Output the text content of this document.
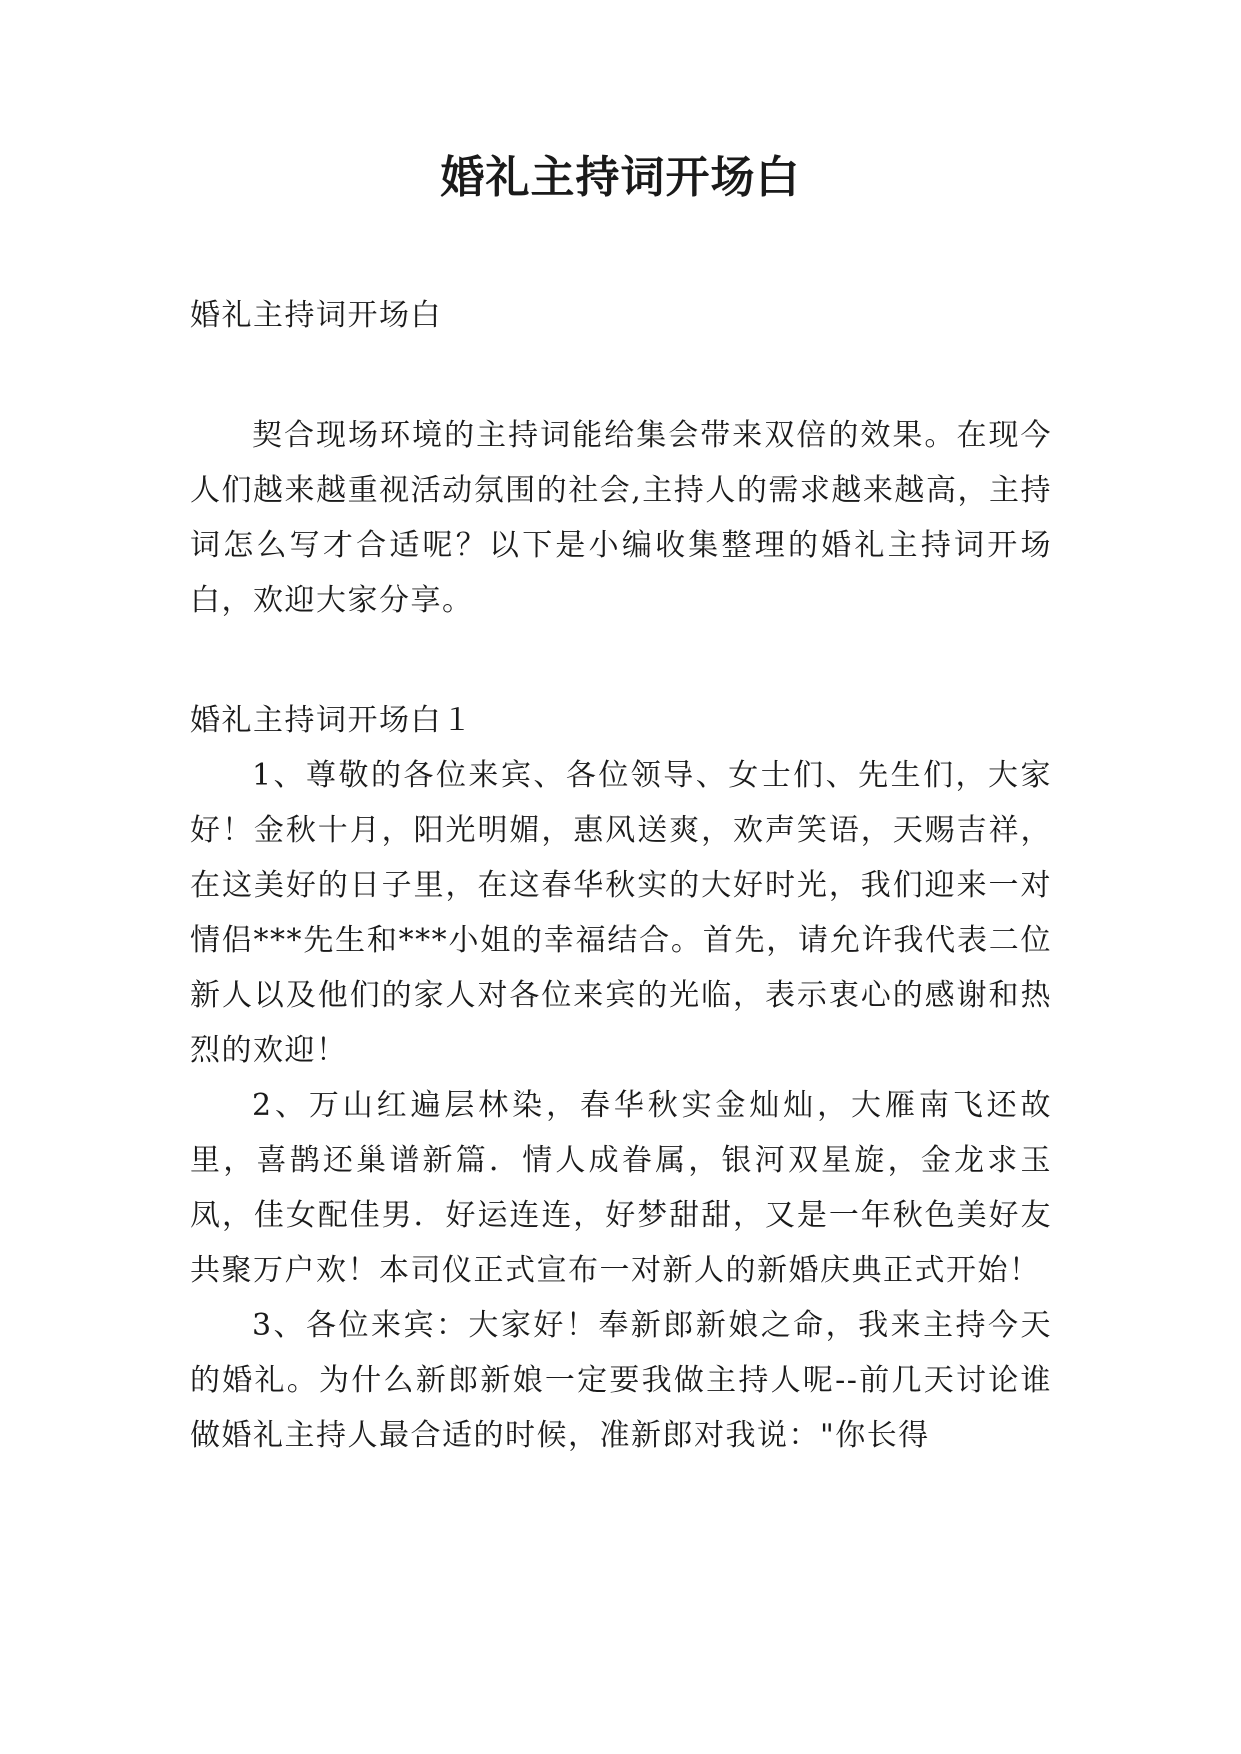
婚礼主持词开场白

婚礼主持词开场白

契合现场环境的主持词能给集会带来双倍的效果。在现今人们越来越重视活动氛围的社会,主持人的需求越来越高，主持词怎么写才合适呢？以下是小编收集整理的婚礼主持词开场白，欢迎大家分享。

婚礼主持词开场白１

1、尊敬的各位来宾、各位领导、女士们、先生们，大家好！金秋十月，阳光明媚，惠风送爽，欢声笑语，天赐吉祥，在这美好的日子里，在这春华秋实的大好时光，我们迎来一对情侣***先生和***小姐的幸福结合。首先，请允许我代表二位新人以及他们的家人对各位来宾的光临，表示衷心的感谢和热烈的欢迎！

2、万山红遍层林染，春华秋实金灿灿，大雁南飞还故里，喜鹊还巢谱新篇．情人成眷属，银河双星旋，金龙求玉凤，佳女配佳男．好运连连，好梦甜甜，又是一年秋色美好友共聚万户欢！本司仪正式宣布一对新人的新婚庆典正式开始！

3、各位来宾：大家好！奉新郎新娘之命，我来主持今天的婚礼。为什么新郎新娘一定要我做主持人呢--前几天讨论谁做婚礼主持人最合适的时候，准新郎对我说："你长得
